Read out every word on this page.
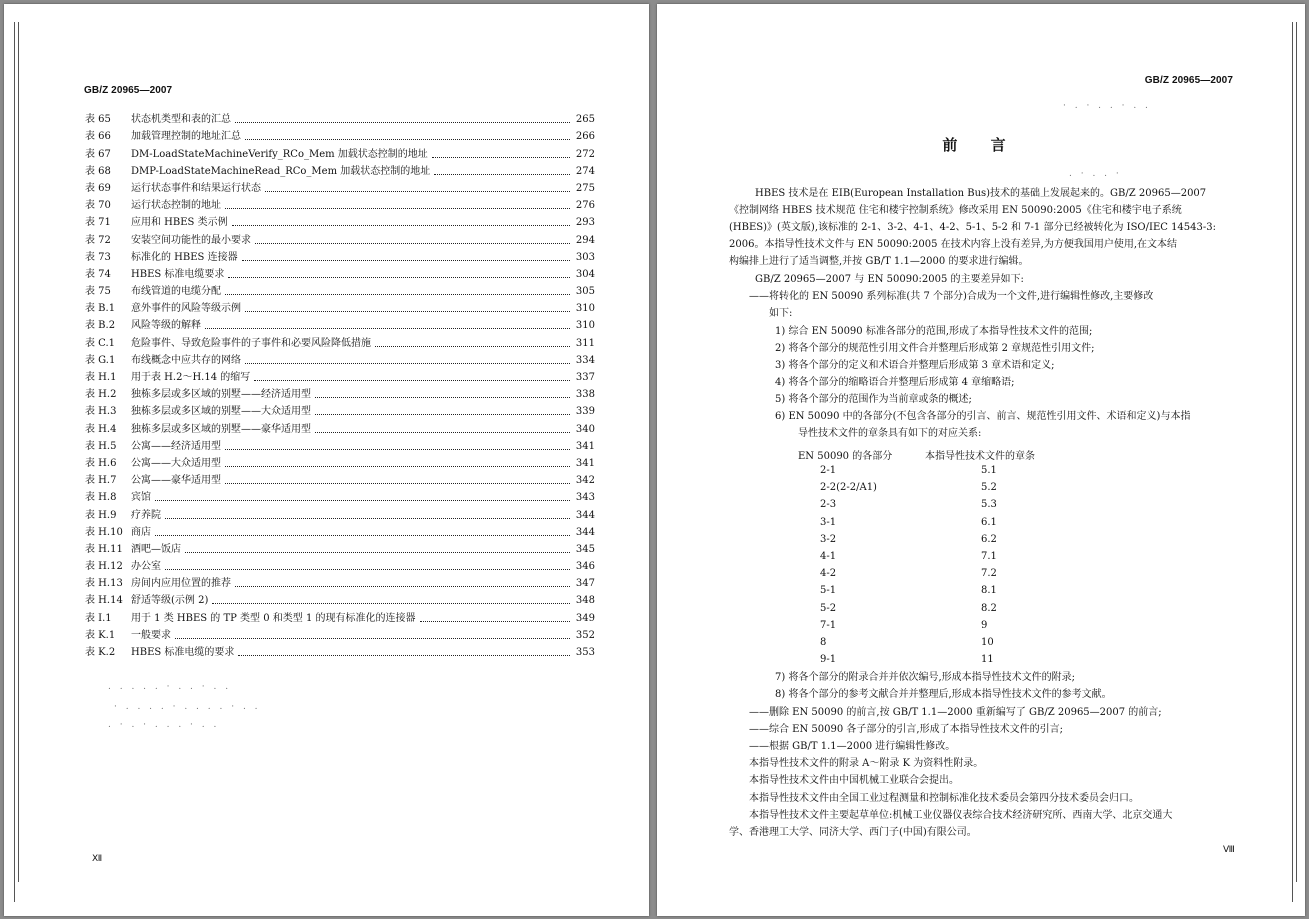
GB/Z 20965—2007
表 65	状态机类型和表的汇总	265
表 66	加载管理控制的地址汇总	266
表 67	DM-LoadStateMachineVerify_RCo_Mem 加载状态控制的地址	272
表 68	DMP-LoadStateMachineRead_RCo_Mem 加载状态控制的地址	274
表 69	运行状态事件和结果运行状态	275
表 70	运行状态控制的地址	276
表 71	应用和 HBES 类示例	293
表 72	安装空间功能性的最小要求	294
表 73	标准化的 HBES 连接器	303
表 74	HBES 标准电缆要求	304
表 75	布线管道的电缆分配	305
表 B.1	意外事件的风险等级示例	310
表 B.2	风险等级的解释	310
表 C.1	危险事件、导致危险事件的子事件和必要风险降低措施	311
表 G.1	布线概念中应共存的网络	334
表 H.1	用于表 H.2～H.14 的缩写	337
表 H.2	独栋多层或多区域的别墅——经济适用型	338
表 H.3	独栋多层或多区域的别墅——大众适用型	339
表 H.4	独栋多层或多区域的别墅——豪华适用型	340
表 H.5	公寓——经济适用型	341
表 H.6	公寓——大众适用型	341
表 H.7	公寓——豪华适用型	342
表 H.8	宾馆	343
表 H.9	疗养院	344
表 H.10 商店	344
表 H.11 酒吧—饭店	345
表 H.12 办公室	346
表 H.13 房间内应用位置的推荐	347
表 H.14 舒适等级(示例 2)	348
表 I.1	用于 1 类 HBES 的 TP 类型 0 和类型 1 的现有标准化的连接器	349
表 K.1	一般要求	352
表 K.2	HBES 标准电缆的要求	353
. . . . . · . . · . .
· . . . . · . . . . · . .
. · . · . . . · . .
Ⅻ
GB/Z 20965—2007
· . · . . · . .
前 言
. · . . ·
HBES 技术是在 EIB(European Installation Bus)技术的基础上发展起来的。GB/Z 20965—2007
《控制网络 HBES 技术规范 住宅和楼宇控制系统》修改采用 EN 50090:2005《住宅和楼宇电子系统
(HBES)》(英文版),该标准的 2-1、3-2、4-1、4-2、5-1、5-2 和 7-1 部分已经被转化为 ISO/IEC 14543-3:
2006。本指导性技术文件与 EN 50090:2005 在技术内容上没有差异,为方便我国用户使用,在文本结
构编排上进行了适当调整,并按 GB/T 1.1—2000 的要求进行编辑。
GB/Z 20965—2007 与 EN 50090:2005 的主要差异如下:
——将转化的 EN 50090 系列标准(共 7 个部分)合成为一个文件,进行编辑性修改,主要修改
如下:
1) 综合 EN 50090 标准各部分的范围,形成了本指导性技术文件的范围;
2) 将各个部分的规范性引用文件合并整理后形成第 2 章规范性引用文件;
3) 将各个部分的定义和术语合并整理后形成第 3 章术语和定义;
4) 将各个部分的缩略语合并整理后形成第 4 章缩略语;
5) 将各个部分的范围作为当前章或条的概述;
6) EN 50090 中的各部分(不包含各部分的引言、前言、规范性引用文件、术语和定义)与本指
导性技术文件的章条具有如下的对应关系:
EN 50090 的各部分	本指导性技术文件的章条
2-1	5.1
2-2(2-2/A1)	5.2
2-3	5.3
3-1	6.1
3-2	6.2
4-1	7.1
4-2	7.2
5-1	8.1
5-2	8.2
7-1	9
8	10
9-1	11
7) 将各个部分的附录合并并依次编号,形成本指导性技术文件的附录;
8) 将各个部分的参考文献合并并整理后,形成本指导性技术文件的参考文献。
——删除 EN 50090 的前言,按 GB/T 1.1—2000 重新编写了 GB/Z 20965—2007 的前言;
——综合 EN 50090 各子部分的引言,形成了本指导性技术文件的引言;
——根据 GB/T 1.1—2000 进行编辑性修改。
本指导性技术文件的附录 A～附录 K 为资料性附录。
本指导性技术文件由中国机械工业联合会提出。
本指导性技术文件由全国工业过程测量和控制标准化技术委员会第四分技术委员会归口。
本指导性技术文件主要起草单位:机械工业仪器仪表综合技术经济研究所、西南大学、北京交通大
学、香港理工大学、同济大学、西门子(中国)有限公司。
Ⅷ
